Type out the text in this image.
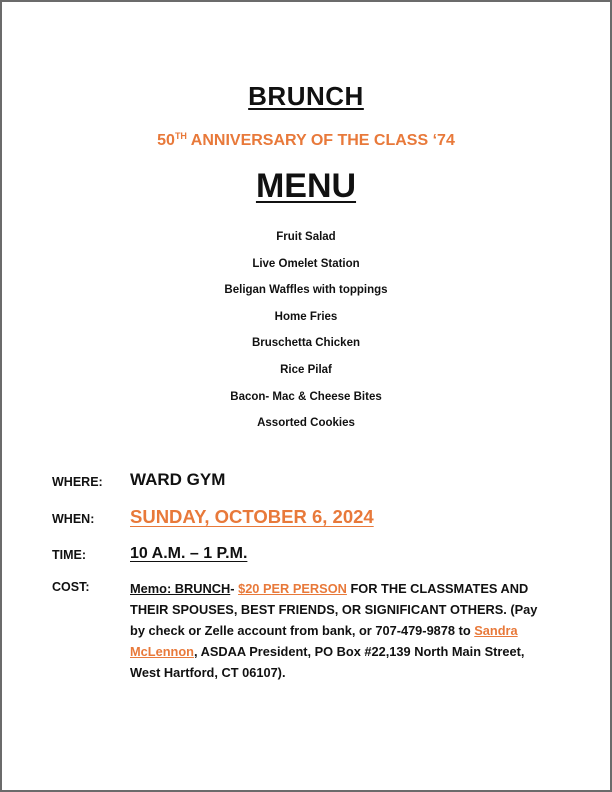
BRUNCH
50TH ANNIVERSARY OF THE CLASS ‘74
MENU
Fruit Salad
Live Omelet Station
Beligan Waffles with toppings
Home Fries
Bruschetta Chicken
Rice Pilaf
Bacon- Mac & Cheese Bites
Assorted Cookies
WHERE: WARD GYM
WHEN: SUNDAY, OCTOBER 6, 2024
TIME:	10 A.M. – 1 P.M.
COST:	Memo: BRUNCH- $20 PER PERSON FOR THE CLASSMATES AND THEIR SPOUSES, BEST FRIENDS, OR SIGNIFICANT OTHERS. (Pay by check or Zelle account from bank, or 707-479-9878 to Sandra McLennon, ASDAA President, PO Box #22,139 North Main Street, West Hartford, CT 06107).
